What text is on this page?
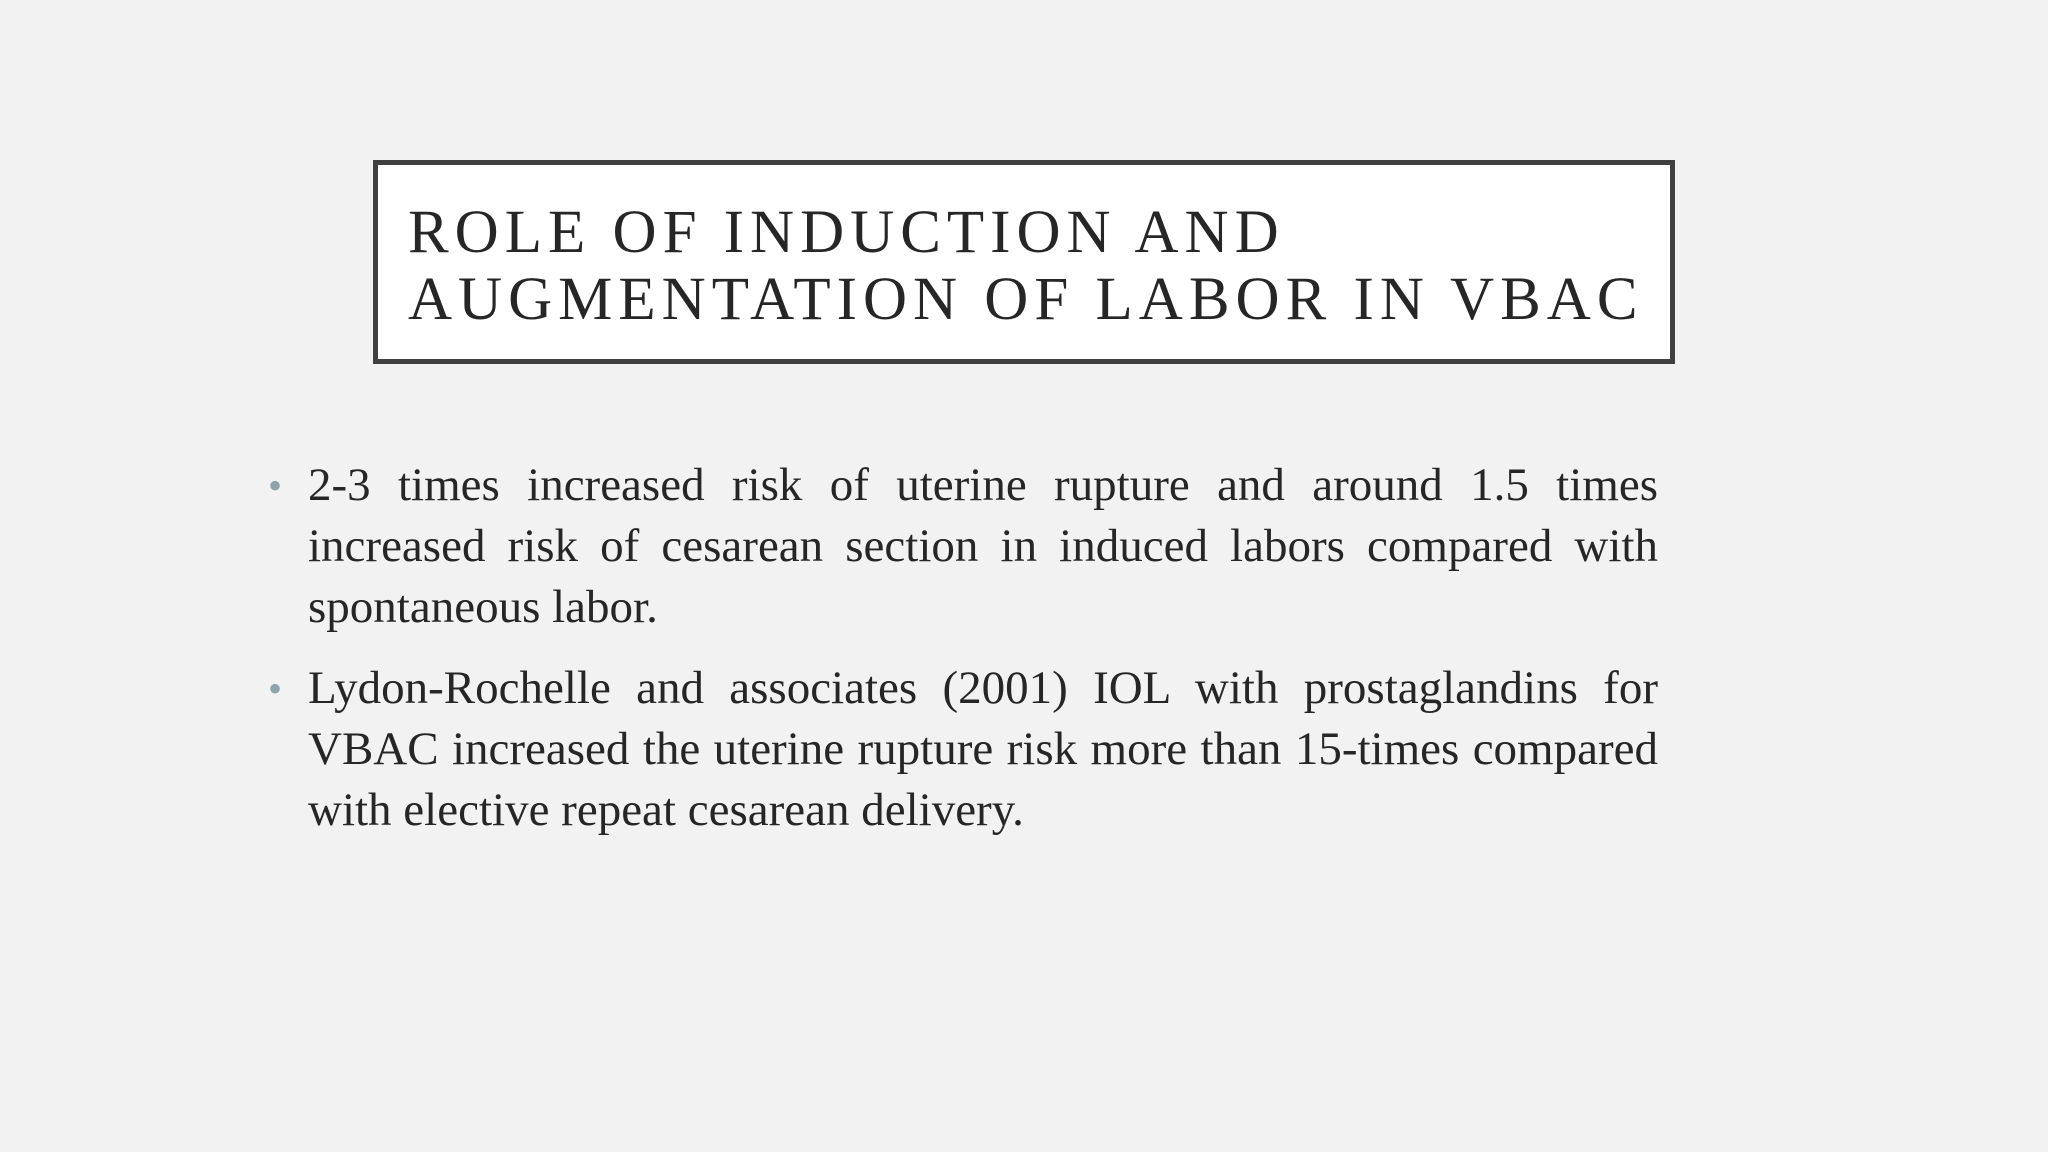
ROLE OF INDUCTION AND
AUGMENTATION OF LABOR IN VBAC
• 2-3 times increased risk of uterine rupture and around 1.5 times increased risk of cesarean section in induced labors compared with spontaneous labor.
• Lydon-Rochelle and associates (2001) IOL with prostaglandins for VBAC increased the uterine rupture risk more than 15-times compared with elective repeat cesarean delivery.
